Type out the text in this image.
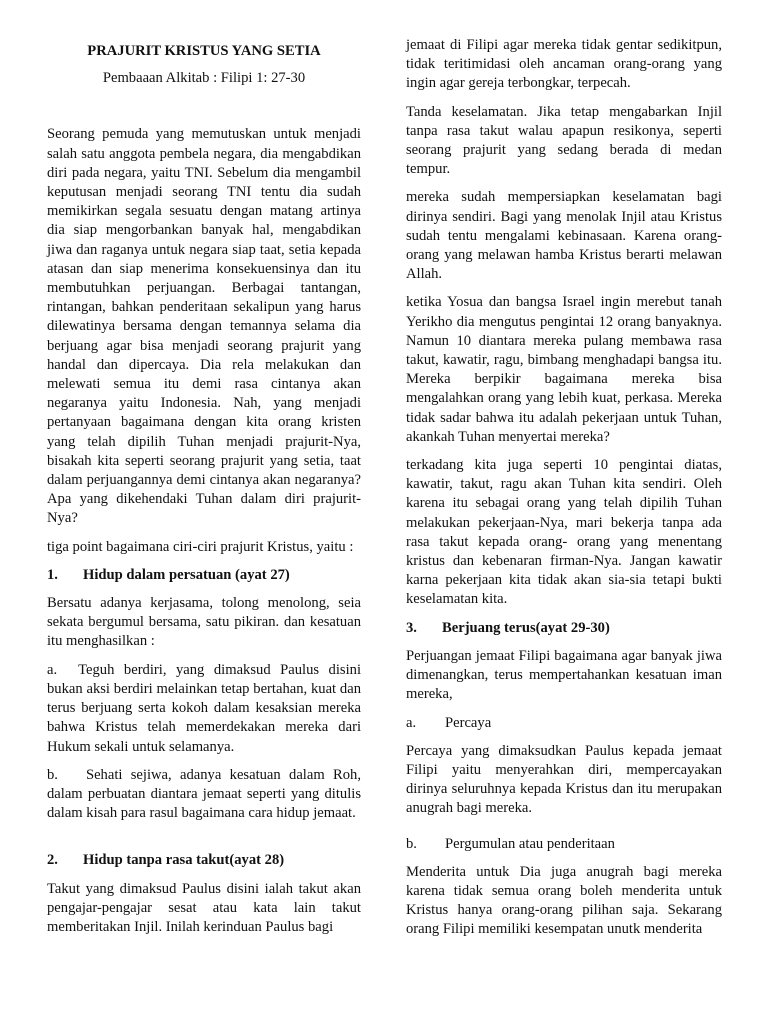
PRAJURIT KRISTUS YANG SETIA

Pembaaan Alkitab : Filipi 1: 27-30

Seorang pemuda yang memutuskan untuk menjadi salah satu anggota pembela negara, dia mengabdikan diri pada negara, yaitu TNI. Sebelum dia mengambil keputusan menjadi seorang TNI tentu dia sudah memikirkan segala sesuatu dengan matang artinya dia siap mengorbankan banyak hal, mengabdikan jiwa dan raganya untuk negara siap taat, setia kepada atasan dan siap menerima konsekuensinya dan itu membutuhkan perjuangan. Berbagai tantangan, rintangan, bahkan penderitaan sekalipun yang harus dilewatinya bersama dengan temannya selama dia berjuang agar bisa menjadi seorang prajurit yang handal dan dipercaya. Dia rela melakukan dan melewati semua itu demi rasa cintanya akan negaranya yaitu Indonesia. Nah, yang menjadi pertanyaan bagaimana dengan kita orang kristen yang telah dipilih Tuhan menjadi prajurit-Nya, bisakah kita seperti seorang prajurit yang setia, taat dalam perjuangannya demi cintanya akan negaranya? Apa yang dikehendaki Tuhan dalam diri prajurit-Nya?

tiga point bagaimana ciri-ciri prajurit Kristus, yaitu :

1.	Hidup dalam persatuan (ayat 27)

Bersatu adanya kerjasama, tolong menolong, seia sekata bergumul bersama, satu pikiran. dan kesatuan itu menghasilkan :

a. Teguh berdiri, yang dimaksud Paulus disini bukan aksi berdiri melainkan tetap bertahan, kuat dan terus berjuang serta kokoh dalam kesaksian mereka bahwa Kristus telah memerdekakan mereka dari Hukum sekali untuk selamanya.

b. Sehati sejiwa, adanya kesatuan dalam Roh, dalam perbuatan diantara jemaat seperti yang ditulis dalam kisah para rasul bagaimana cara hidup jemaat.

2.	Hidup tanpa rasa takut(ayat 28)

Takut yang dimaksud Paulus disini ialah takut akan pengajar-pengajar sesat atau kata lain takut memberitakan Injil. Inilah kerinduan Paulus bagi

jemaat di Filipi agar mereka tidak gentar sedikitpun, tidak teritimidasi oleh ancaman orang-orang yang ingin agar gereja terbongkar, terpecah.

Tanda keselamatan. Jika tetap mengabarkan Injil tanpa rasa takut walau apapun resikonya, seperti seorang prajurit yang sedang berada di medan tempur.

mereka sudah mempersiapkan keselamatan bagi dirinya sendiri. Bagi yang menolak Injil atau Kristus sudah tentu mengalami kebinasaan. Karena orang-orang yang melawan hamba Kristus berarti melawan Allah.

ketika Yosua dan bangsa Israel ingin merebut tanah Yerikho dia mengutus pengintai 12 orang banyaknya. Namun 10 diantara mereka pulang membawa rasa takut, kawatir, ragu, bimbang menghadapi bangsa itu. Mereka berpikir bagaimana mereka bisa mengalahkan orang yang lebih kuat, perkasa. Mereka tidak sadar bahwa itu adalah pekerjaan untuk Tuhan, akankah Tuhan menyertai mereka?

terkadang kita juga seperti 10 pengintai diatas, kawatir, takut, ragu akan Tuhan kita sendiri. Oleh karena itu sebagai orang yang telah dipilih Tuhan melakukan pekerjaan-Nya, mari bekerja tanpa ada rasa takut kepada orang- orang yang menentang kristus dan kebenaran firman-Nya. Jangan kawatir karna pekerjaan kita tidak akan sia-sia tetapi bukti keselamatan kita.

3.	Berjuang terus(ayat 29-30)

Perjuangan jemaat Filipi bagaimana agar banyak jiwa dimenangkan, terus mempertahankan kesatuan iman mereka,

a.	Percaya

Percaya yang dimaksudkan Paulus kepada jemaat Filipi yaitu menyerahkan diri, mempercayakan dirinya seluruhnya kepada Kristus dan itu merupakan anugrah bagi mereka.

b.	Pergumulan atau penderitaan

Menderita untuk Dia juga anugrah bagi mereka karena tidak semua orang boleh menderita untuk Kristus hanya orang-orang pilihan saja. Sekarang orang Filipi memiliki kesempatan unutk menderita
